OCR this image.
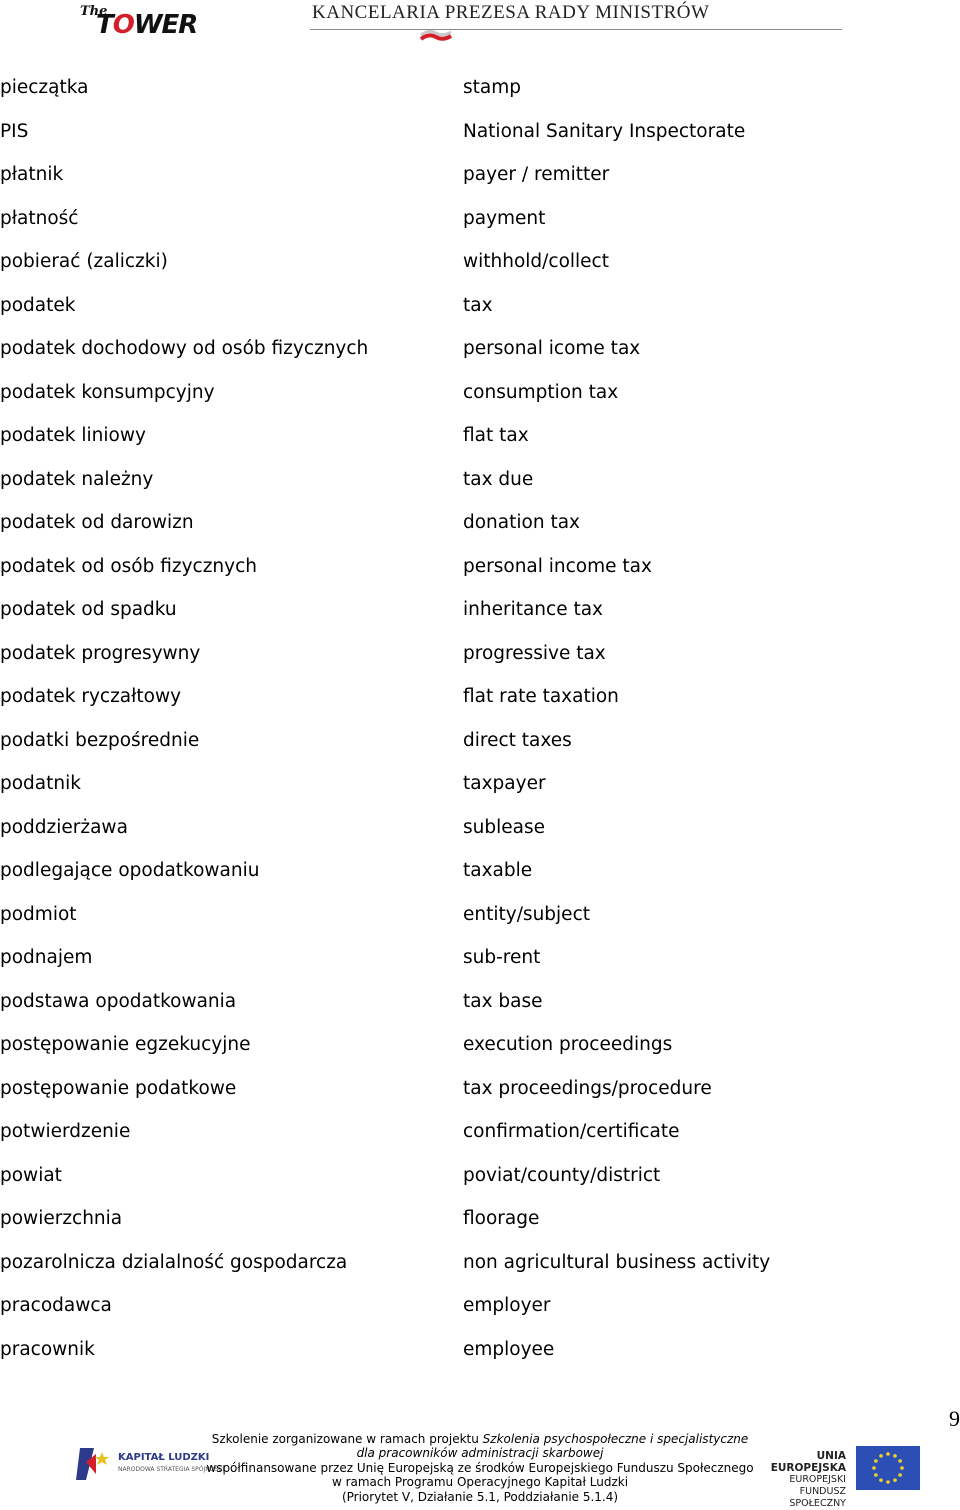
The
TOWER	KANCELARIA PREZESA RADY MINISTRÓW
pieczątka	stamp
PIS	National Sanitary Inspectorate
płatnik	payer / remitter
płatność	payment
pobierać (zaliczki)	withhold/collect
podatek	tax
podatek dochodowy od osób fizycznych	personal icome tax
podatek konsumpcyjny	consumption tax
podatek liniowy	flat tax
podatek należny	tax due
podatek od darowizn	donation tax
podatek od osób fizycznych	personal income tax
podatek od spadku	inheritance tax
podatek progresywny	progressive tax
podatek ryczałtowy	flat rate taxation
podatki bezpośrednie	direct taxes
podatnik	taxpayer
poddzierżawa	sublease
podlegające opodatkowaniu	taxable
podmiot	entity/subject
podnajem	sub-rent
podstawa opodatkowania	tax base
postępowanie egzekucyjne	execution proceedings
postępowanie podatkowe	tax proceedings/procedure
potwierdzenie	confirmation/certificate
powiat	poviat/county/district
powierzchnia	floorage
pozarolnicza dzialalność gospodarcza	non agricultural business activity
pracodawca	employer
pracownik	employee
9
KAPITAŁ LUDZKI
NARODOWA STRATEGIA SPÓJNOŚCI
Szkolenie zorganizowane w ramach projektu Szkolenia psychospołeczne i specjalistyczne
dla pracowników administracji skarbowej
współfinansowane przez Unię Europejską ze środków Europejskiego Funduszu Społecznego
w ramach Programu Operacyjnego Kapitał Ludzki
(Priorytet V, Działanie 5.1, Poddziałanie 5.1.4)
UNIA EUROPEJSKA
EUROPEJSKI
FUNDUSZ SPOŁECZNY
